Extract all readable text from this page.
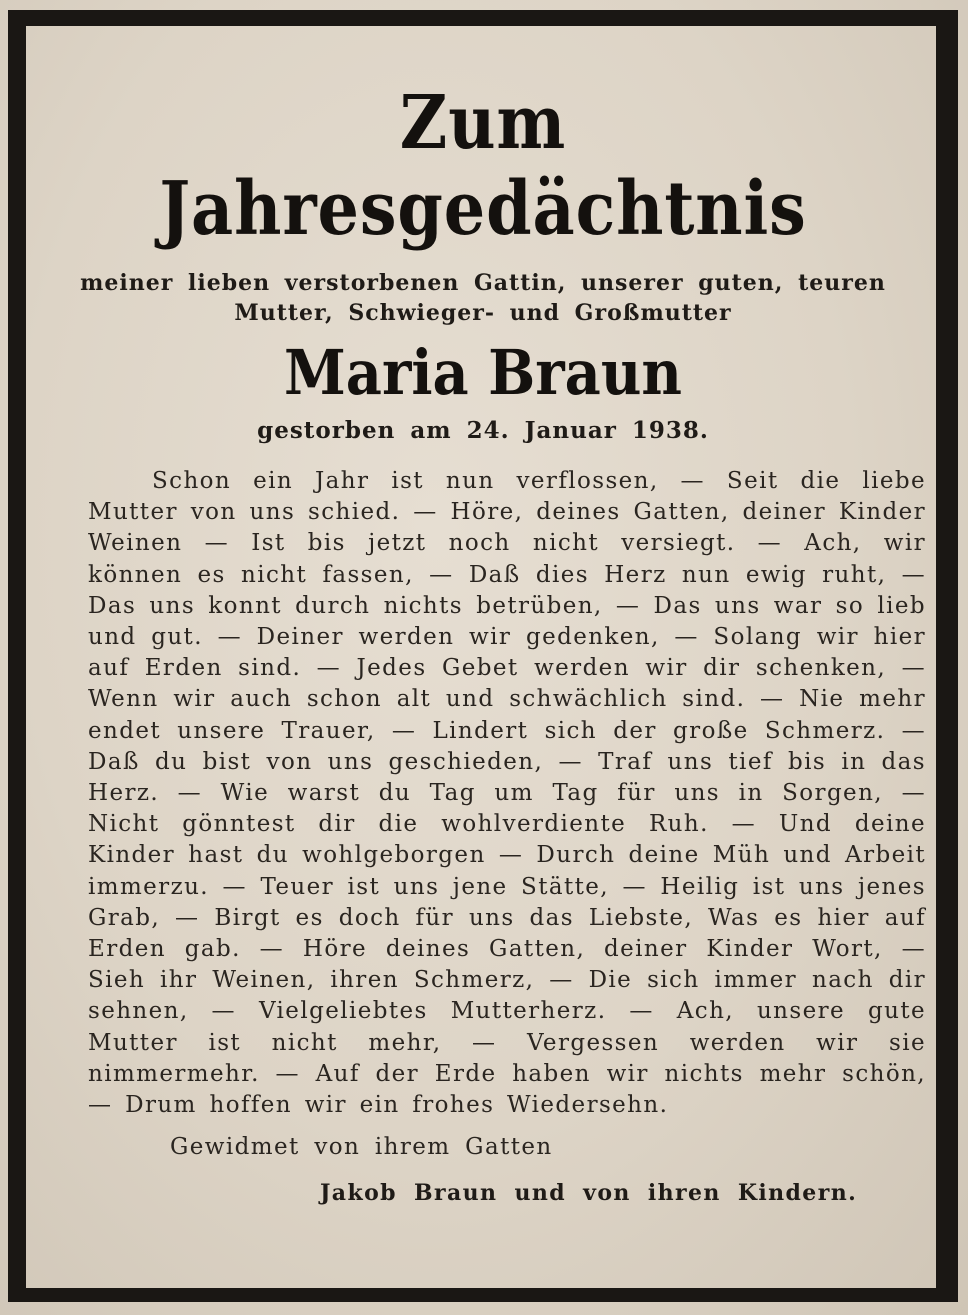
Zum Jahresgedächtnis
meiner lieben verstorbenen Gattin, unserer guten, teuren Mutter, Schwieger- und Großmutter
Maria Braun
gestorben am 24. Januar 1938.
Schon ein Jahr ist nun verflossen, — Seit die liebe Mutter von uns schied. — Höre, deines Gatten, deiner Kinder Weinen — Ist bis jetzt noch nicht versiegt. — Ach, wir können es nicht fassen, — Daß dies Herz nun ewig ruht, — Das uns konnt durch nichts betrüben, — Das uns war so lieb und gut. — Deiner werden wir gedenken, — Solang wir hier auf Erden sind. — Jedes Gebet werden wir dir schenken, — Wenn wir auch schon alt und schwächlich sind. — Nie mehr endet unsere Trauer, — Lindert sich der große Schmerz. — Daß du bist von uns geschieden, — Traf uns tief bis in das Herz. — Wie warst du Tag um Tag für uns in Sorgen, — Nicht gönntest dir die wohlverdiente Ruh. — Und deine Kinder hast du wohlgeborgen — Durch deine Müh und Arbeit immerzu. — Teuer ist uns jene Stätte, — Heilig ist uns jenes Grab, — Birgt es doch für uns das Liebste, Was es hier auf Erden gab. — Höre deines Gatten, deiner Kinder Wort, — Sieh ihr Weinen, ihren Schmerz, — Die sich immer nach dir sehnen, — Vielgeliebtes Mutterherz. — Ach, unsere gute Mutter ist nicht mehr, — Vergessen werden wir sie nimmermehr. — Auf der Erde haben wir nichts mehr schön, — Drum hoffen wir ein frohes Wiedersehn.
Gewidmet von ihrem Gatten
Jakob Braun und von ihren Kindern.
